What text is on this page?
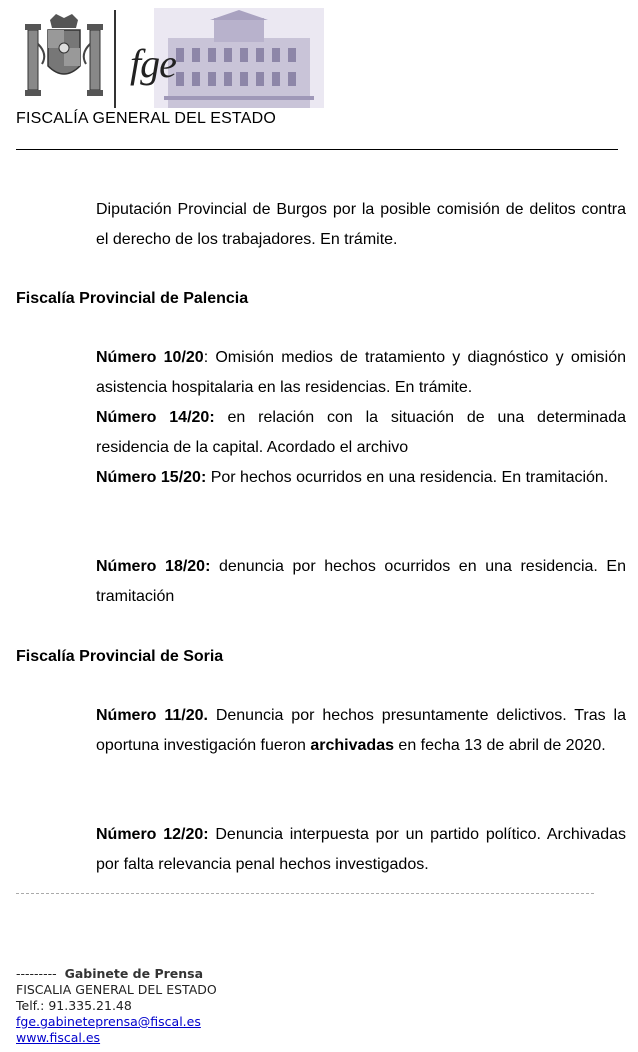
fge
FISCALÍA GENERAL DEL ESTADO
Diputación Provincial de Burgos por la posible comisión de delitos contra el derecho de los trabajadores. En trámite.
Fiscalía Provincial de Palencia
Número 10/20: Omisión medios de tratamiento y diagnóstico y omisión asistencia hospitalaria en las residencias. En trámite.
Número 14/20: en relación con la situación de una determinada residencia de la capital. Acordado el archivo
Número 15/20: Por hechos ocurridos en una residencia. En tramitación.
Número 18/20: denuncia por hechos ocurridos en una residencia. En tramitación
Fiscalía Provincial de Soria
Número 11/20. Denuncia por hechos presuntamente delictivos. Tras la oportuna investigación fueron archivadas en fecha 13 de abril de 2020.
Número 12/20: Denuncia interpuesta por un partido político. Archivadas por falta relevancia penal hechos investigados.
--------- Gabinete de Prensa
FISCALIA GENERAL DEL ESTADO
Telf.: 91.335.21.48
fge.gabineteprensa@fiscal.es
www.fiscal.es
